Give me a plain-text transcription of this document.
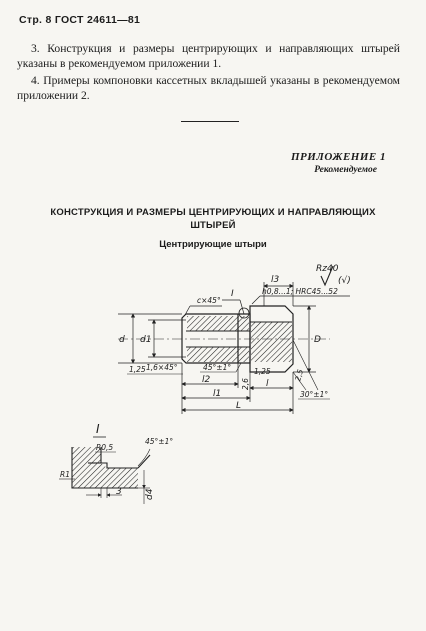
Стр. 8 ГОСТ 24611—81
3. Конструкция и размеры центрирующих и направляющих штырей указаны в рекомендуемом приложении 1.
4. Примеры компоновки кассетных вкладышей указаны в рекомендуемом приложении 2.
ПРИЛОЖЕНИЕ 1
Рекомендуемое
КОНСТРУКЦИЯ И РАЗМЕРЫ ЦЕНТРИРУЮЩИХ И НАПРАВЛЯЮЩИХ ШТЫРЕЙ
Центрирующие штыри
d d1	D
Rz40
(√)
l3
h0,8...1; HRC45...52
I
c×45°
1,25 1,6×45°	45°±1°	1,25	2,5
30°±1°
l2	2,6 l
l1
L
I
R0,5
45°±1°
R1
3	d4
